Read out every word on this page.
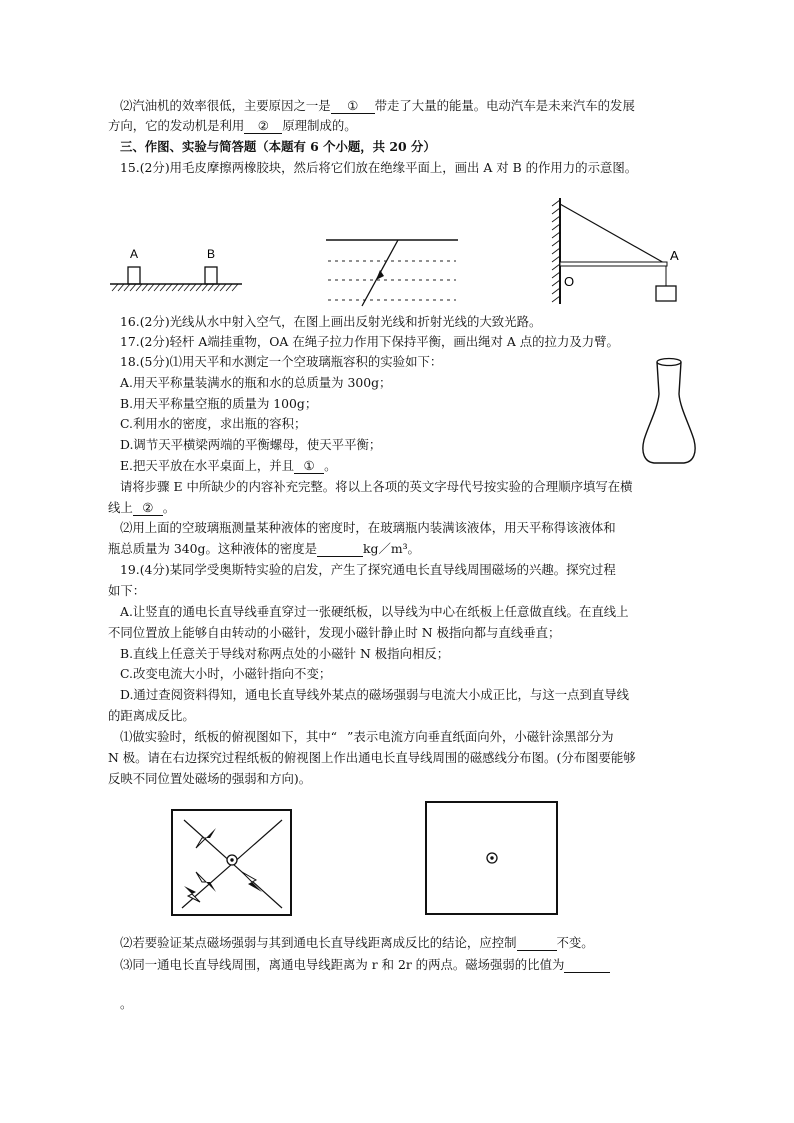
⑵汽油机的效率很低，主要原因之一是 ① 带走了大量的能量。电动汽车是未来汽车的发展
方向，它的发动机是利用 ② 原理制成的。
三、作图、实验与简答题（本题有 6 个小题，共 20 分）
15.(2分)用毛皮摩擦两橡胶块，然后将它们放在绝缘平面上，画出 A 对 B 的作用力的示意图。
A	B	A
O
16.(2分)光线从水中射入空气，在图上画出反射光线和折射光线的大致光路。
17.(2分)轻杆 A端挂重物，OA 在绳子拉力作用下保持平衡，画出绳对 A 点的拉力及力臂。
18.(5分)⑴用天平和水测定一个空玻璃瓶容积的实验如下：
A.用天平称量装满水的瓶和水的总质量为 300g；
B.用天平称量空瓶的质量为 100g；
C.利用水的密度，求出瓶的容积；
D.调节天平横梁两端的平衡螺母，使天平平衡；
E.把天平放在水平桌面上，并且 ① 。
请将步骤 E 中所缺少的内容补充完整。将以上各项的英文字母代号按实验的合理顺序填写在横
线上 ② 。
⑵用上面的空玻璃瓶测量某种液体的密度时，在玻璃瓶内装满该液体，用天平称得该液体和
瓶总质量为 340g。这种液体的密度是	kg／m³。
19.(4分)某同学受奥斯特实验的启发，产生了探究通电长直导线周围磁场的兴趣。探究过程
如下：
A.让竖直的通电长直导线垂直穿过一张硬纸板，以导线为中心在纸板上任意做直线。在直线上
不同位置放上能够自由转动的小磁针，发现小磁针静止时 N 极指向都与直线垂直；
B.直线上任意关于导线对称两点处的小磁针 N 极指向相反；
C.改变电流大小时，小磁针指向不变；
D.通过查阅资料得知，通电长直导线外某点的磁场强弱与电流大小成正比，与这一点到直导线
的距离成反比。
⑴做实验时，纸板的俯视图如下，其中“ ”表示电流方向垂直纸面向外，小磁针涂黑部分为
N 极。请在右边探究过程纸板的俯视图上作出通电长直导线周围的磁感线分布图。(分布图要能够
反映不同位置处磁场的强弱和方向)。
⑵若要验证某点磁场强弱与其到通电长直导线距离成反比的结论，应控制	不变。
⑶同一通电长直导线周围，离通电导线距离为 r 和 2r 的两点。磁场强弱的比值为
。
